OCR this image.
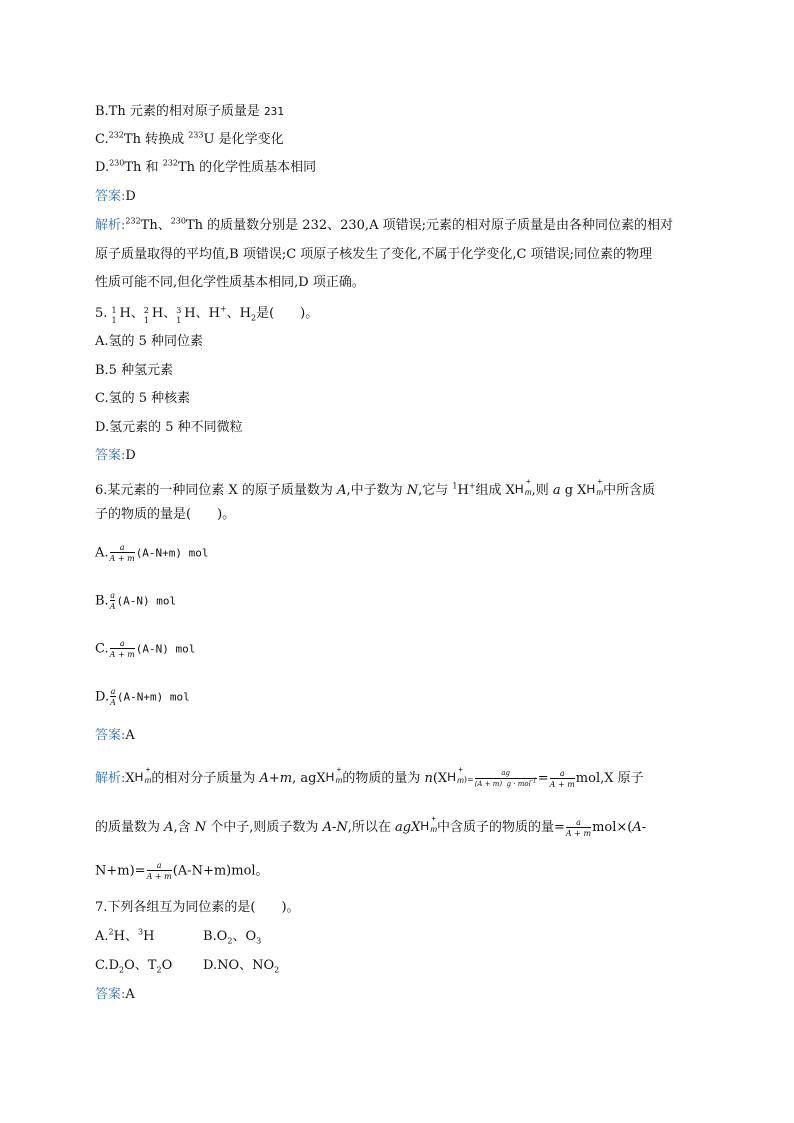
B.Th 元素的相对原子质量是 231
C.$^{232}$Th 转换成 $^{233}$U 是化学变化
D.$^{230}$Th 和 $^{232}$Th 的化学性质基本相同
答案:D
解析:$^{232}$Th、$^{230}$Th 的质量数分别是 232、230,A 项错误;元素的相对原子质量是由各种同位素的相对
原子质量取得的平均值,B 项错误;C 项原子核发生了变化,不属于化学变化,C 项错误;同位素的物理
性质可能不同,但化学性质基本相同,D 项正确。
5. 1
1 H、 2
1 H、 3
1 H、H+、$H_2$是(　　)。
A.氢的 5 种同位素
B.5 种氢元素
C.氢的 5 种核素
D.氢元素的 5 种不同微粒
答案:D
6.某元素的一种同位素 X 的原子质量数为 A,中子数为 N,它与 $^1$H+组成 XH
+
m ,则 a g XH
+
m 中所含质
子的物质的量是(　　)。
A. $\frac{a}{A + m} (A-N+m)$ mol
B. $\frac{a}{A} (A-N)$ mol
C. $\frac{a}{A + m} (A-N)$ mol
D. $\frac{a}{A} (A-N+m)$ mol
答案:A
解析:XH
+
m 的相对分子质量为 A+m, agXH
+
m 的物质的量为 n(XH
+
m )= $\frac{ag}{(A + m) g \cdot mol^{-1}} = \frac{a}{A + m} mol,X$ 原子
的质量数为 A,含 N 个中子,则质子数为 A-N,所以在 agXH
+
m 中含质子的物质的量= $\frac{a}{A + m} mol\times(A-$
$N+m)= \frac{a}{A + m} (A-N+m)mol$。
7.下列各组互为同位素的是(　　)。
A.$^2$H、$^3$H	$B.O_2$、$O_3$
$C.D_2O$、$T_2O$ D.NO、$NO_2$
答案:A
